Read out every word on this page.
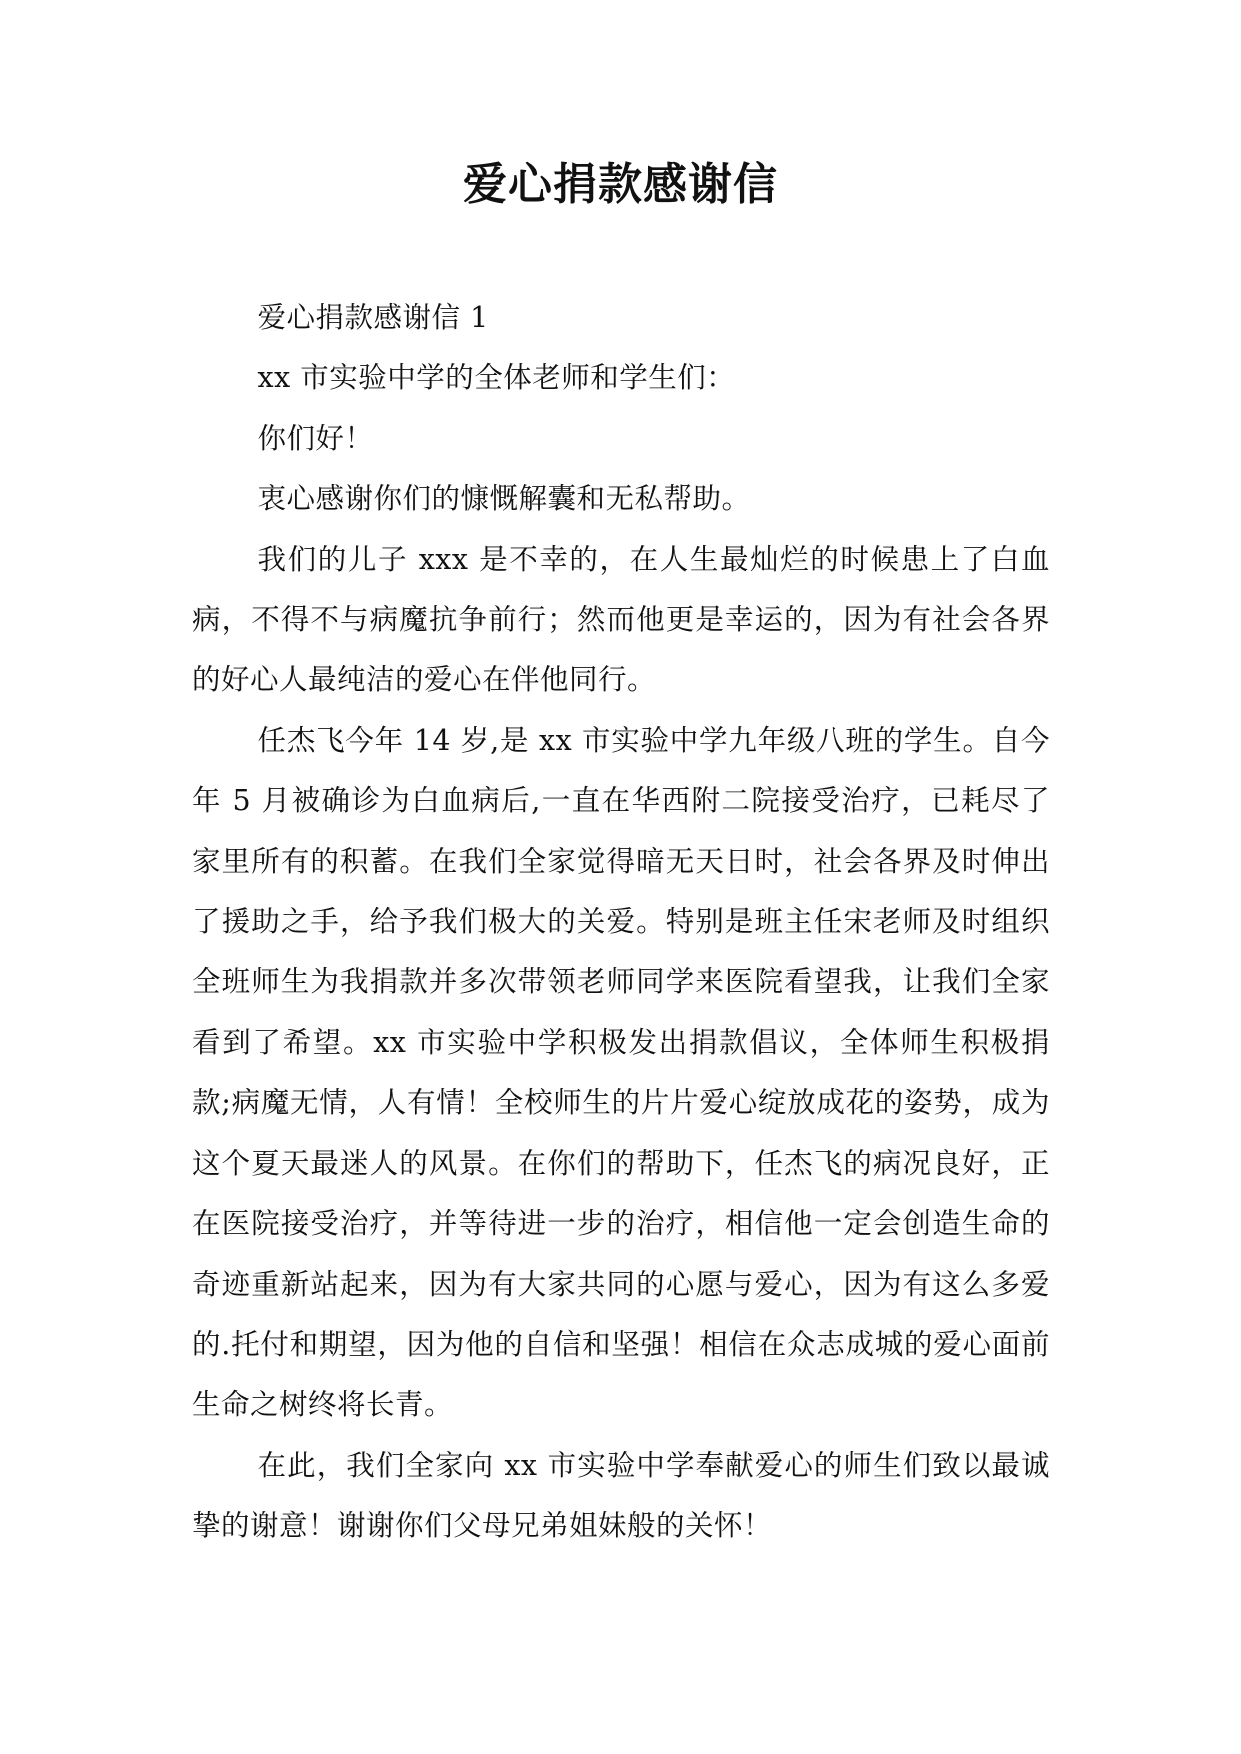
爱心捐款感谢信

爱心捐款感谢信 1

xx 市实验中学的全体老师和学生们：

你们好！

衷心感谢你们的慷慨解囊和无私帮助。

我们的儿子 xxx 是不幸的，在人生最灿烂的时候患上了白血病，不得不与病魔抗争前行；然而他更是幸运的，因为有社会各界的好心人最纯洁的爱心在伴他同行。

任杰飞今年 14 岁,是 xx 市实验中学九年级八班的学生。自今年 5 月被确诊为白血病后,一直在华西附二院接受治疗，已耗尽了家里所有的积蓄。在我们全家觉得暗无天日时，社会各界及时伸出了援助之手，给予我们极大的关爱。特别是班主任宋老师及时组织全班师生为我捐款并多次带领老师同学来医院看望我，让我们全家看到了希望。xx 市实验中学积极发出捐款倡议，全体师生积极捐款;病魔无情，人有情！全校师生的片片爱心绽放成花的姿势，成为这个夏天最迷人的风景。在你们的帮助下，任杰飞的病况良好，正在医院接受治疗，并等待进一步的治疗，相信他一定会创造生命的奇迹重新站起来，因为有大家共同的心愿与爱心，因为有这么多爱的.托付和期望，因为他的自信和坚强！相信在众志成城的爱心面前生命之树终将长青。

在此，我们全家向 xx 市实验中学奉献爱心的师生们致以最诚挚的谢意！谢谢你们父母兄弟姐妹般的关怀！
